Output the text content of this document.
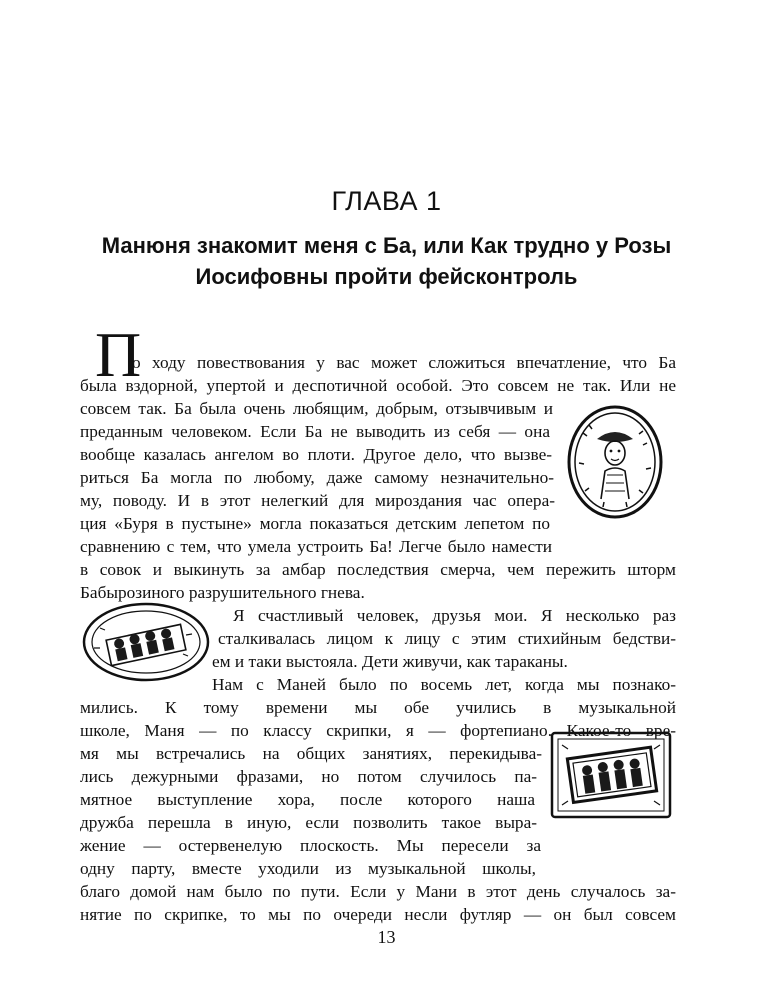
ГЛАВА 1
Манюня знакомит меня с Ба, или Как трудно у Розы
Иосифовны пройти фейсконтроль
П
о ходу повествования у вас может сложиться впечатление, что Ба
была вздорной, упертой и деспотичной особой. Это совсем не так. Или не
совсем так. Ба была очень любящим, добрым, отзывчивым и
преданным человеком. Если Ба не выводить из себя — она
вообще казалась ангелом во плоти. Другое дело, что вызве-
риться Ба могла по любому, даже самому незначительно-
му, поводу. И в этот нелегкий для мироздания час опера-
ция «Буря в пустыне» могла показаться детским лепетом по
сравнению с тем, что умела устроить Ба! Легче было намести
в совок и выкинуть за амбар последствия смерча, чем пережить шторм
Бабырозиного разрушительного гнева.
Я счастливый человек, друзья мои. Я несколько раз
сталкивалась лицом к лицу с этим стихийным бедстви-
ем и таки выстояла. Дети живучи, как тараканы.
Нам с Маней было по восемь лет, когда мы познако-
мились. К тому времени мы обе учились в музыкальной
школе, Маня — по классу скрипки, я — фортепиано. Какое-то вре-
мя мы встречались на общих занятиях, перекидыва-
лись дежурными фразами, но потом случилось па-
мятное выступление хора, после которого наша
дружба перешла в иную, если позволить такое выра-
жение — остервенелую плоскость. Мы пересели за
одну парту, вместе уходили из музыкальной школы,
благо домой нам было по пути. Если у Мани в этот день случалось за-
нятие по скрипке, то мы по очереди несли футляр — он был совсем
13
